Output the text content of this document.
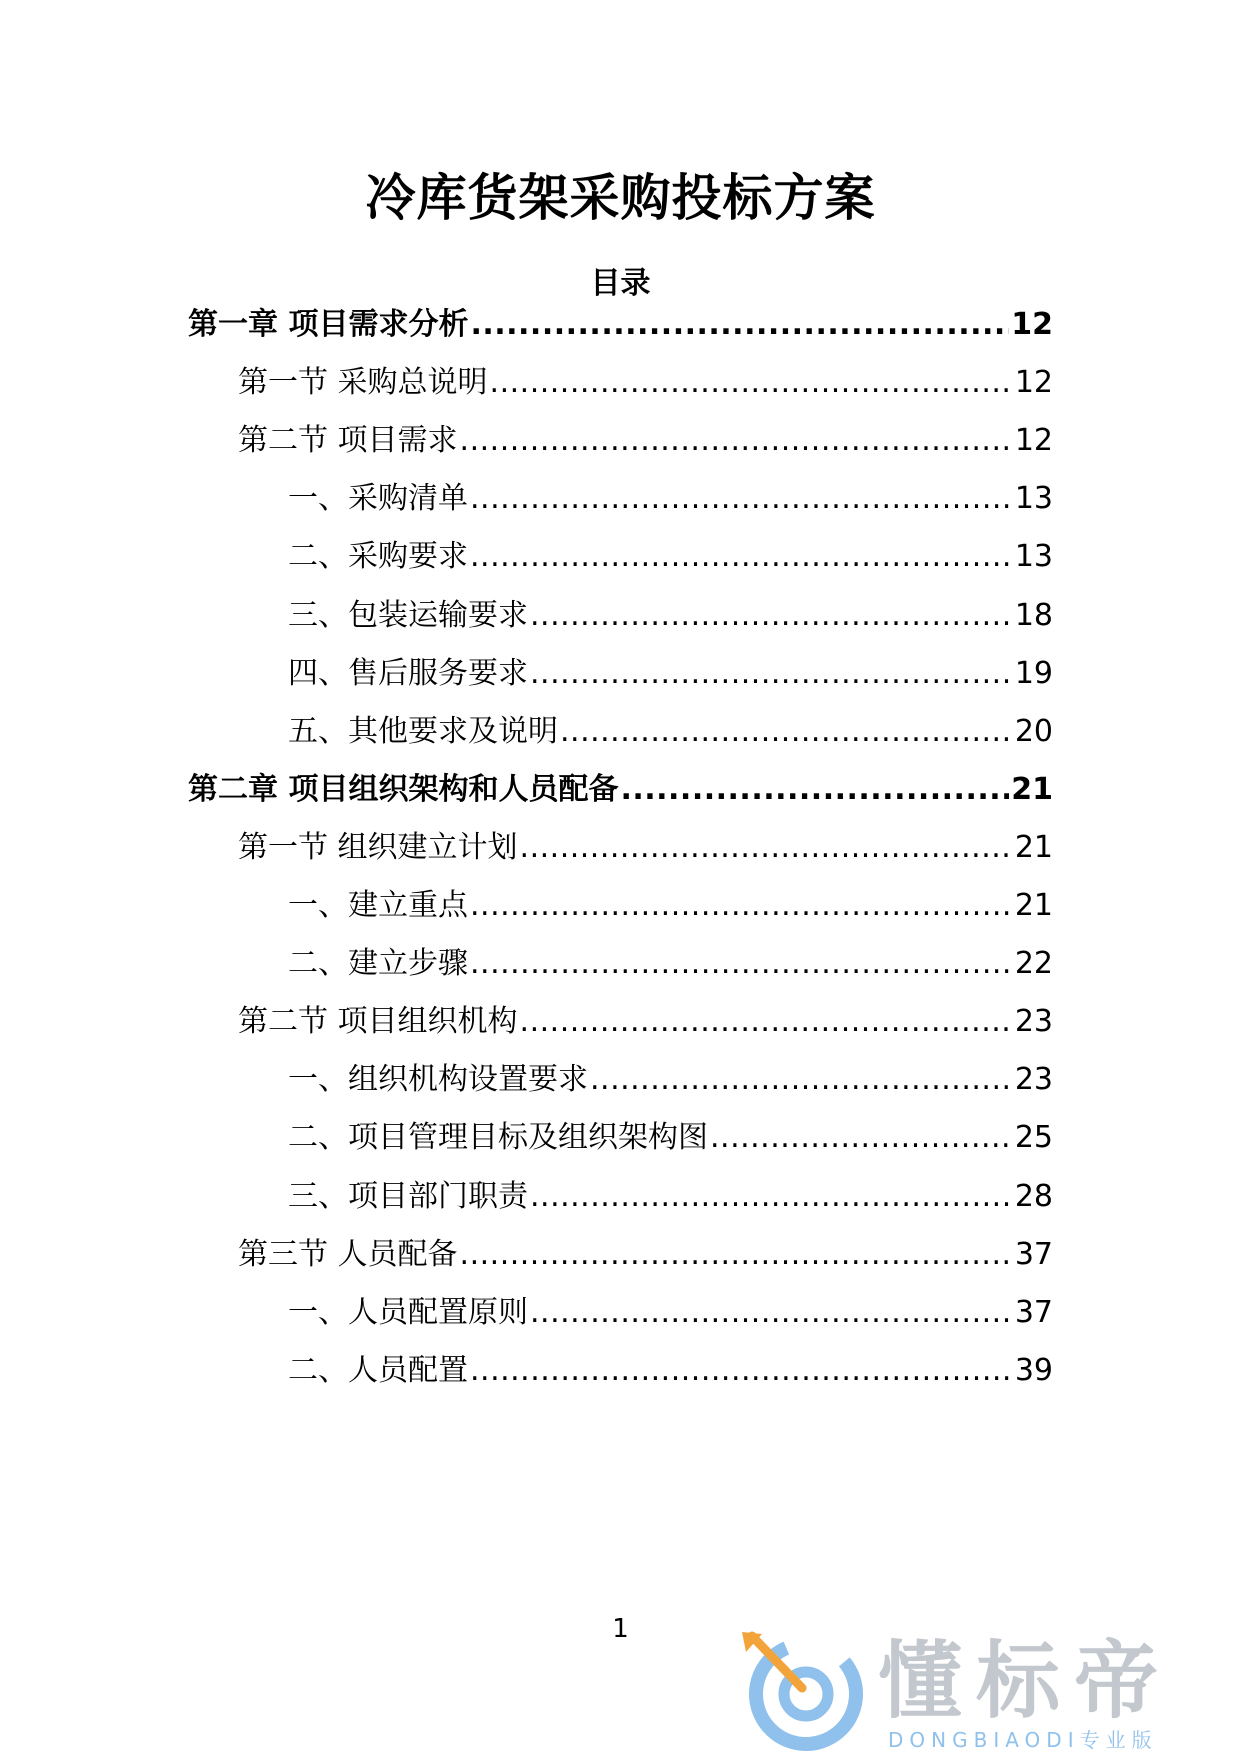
冷库货架采购投标方案
目录
第一章 项目需求分析 .....	12
第一节 采购总说明 .....	12
第二节 项目需求 .....	12
一、采购清单 .....	13
二、采购要求 .....	13
三、包装运输要求 .....	18
四、售后服务要求 .....	19
五、其他要求及说明 .....	20
第二章 项目组织架构和人员配备 .....	21
第一节 组织建立计划 .....	21
一、建立重点 .....	21
二、建立步骤 .....	22
第二节 项目组织机构 .....	23
一、组织机构设置要求 .....	23
二、项目管理目标及组织架构图 .....	25
三、项目部门职责 .....	28
第三节 人员配备 .....	37
一、人员配置原则 .....	37
二、人员配置 .....	39
1
懂标帝
DONGBIAODI专业版
